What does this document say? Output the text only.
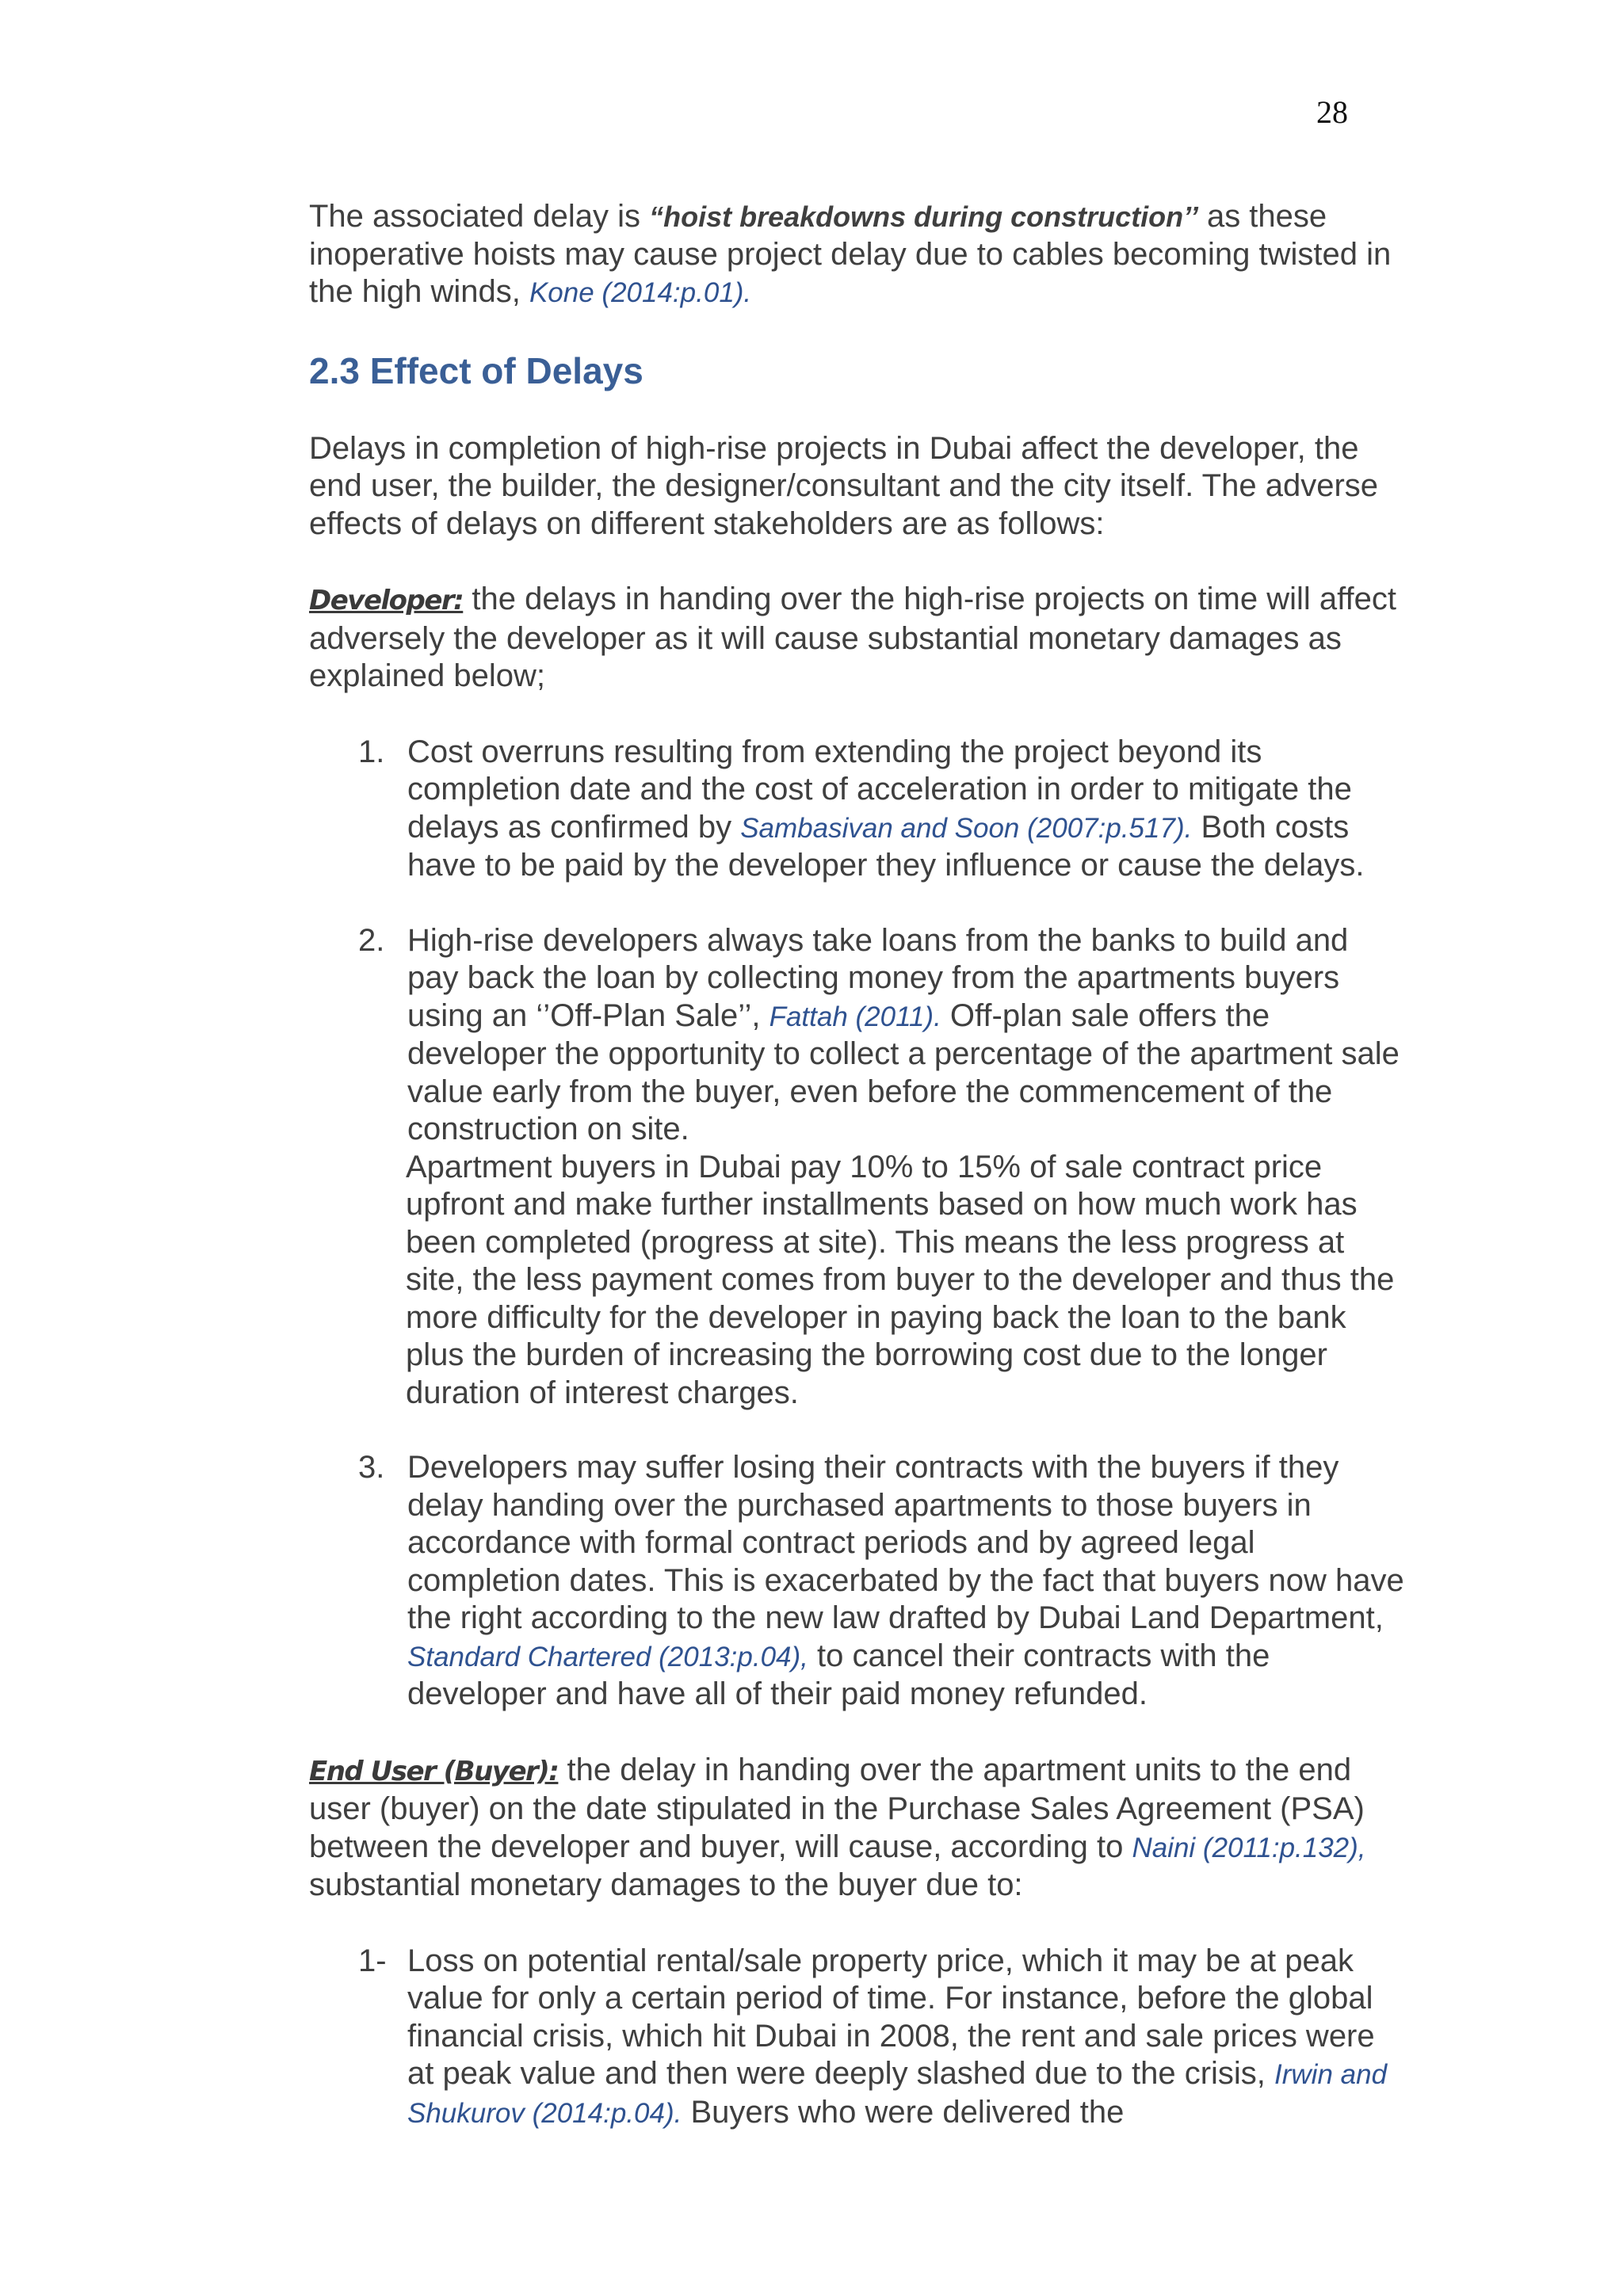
28

The associated delay is “hoist breakdowns during construction’’ as these inoperative hoists may cause project delay due to cables becoming twisted in the high winds, Kone (2014:p.01).

2.3 Effect of Delays

Delays in completion of high-rise projects in Dubai affect the developer, the end user, the builder, the designer/consultant and the city itself. The adverse effects of delays on different stakeholders are as follows:

Developer: the delays in handing over the high-rise projects on time will affect adversely the developer as it will cause substantial monetary damages as explained below;

1. Cost overruns resulting from extending the project beyond its completion date and the cost of acceleration in order to mitigate the delays as confirmed by Sambasivan and Soon (2007:p.517). Both costs have to be paid by the developer they influence or cause the delays.
2. High-rise developers always take loans from the banks to build and pay back the loan by collecting money from the apartments buyers using an ‘’Off-Plan Sale’’, Fattah (2011). Off-plan sale offers the developer the opportunity to collect a percentage of the apartment sale value early from the buyer, even before the commencement of the construction on site.

Apartment buyers in Dubai pay 10% to 15% of sale contract price upfront and make further installments based on how much work has been completed (progress at site). This means the less progress at site, the less payment comes from buyer to the developer and thus the more difficulty for the developer in paying back the loan to the bank plus the burden of increasing the borrowing cost due to the longer duration of interest charges.

3. Developers may suffer losing their contracts with the buyers if they delay handing over the purchased apartments to those buyers in accordance with formal contract periods and by agreed legal completion dates. This is exacerbated by the fact that buyers now have the right according to the new law drafted by Dubai Land Department, Standard Chartered (2013:p.04), to cancel their contracts with the developer and have all of their paid money refunded.

End User (Buyer): the delay in handing over the apartment units to the end user (buyer) on the date stipulated in the Purchase Sales Agreement (PSA) between the developer and buyer, will cause, according to Naini (2011:p.132), substantial monetary damages to the buyer due to:

1- Loss on potential rental/sale property price, which it may be at peak value for only a certain period of time. For instance, before the global financial crisis, which hit Dubai in 2008, the rent and sale prices were at peak value and then were deeply slashed due to the crisis, Irwin and Shukurov (2014:p.04). Buyers who were delivered the
